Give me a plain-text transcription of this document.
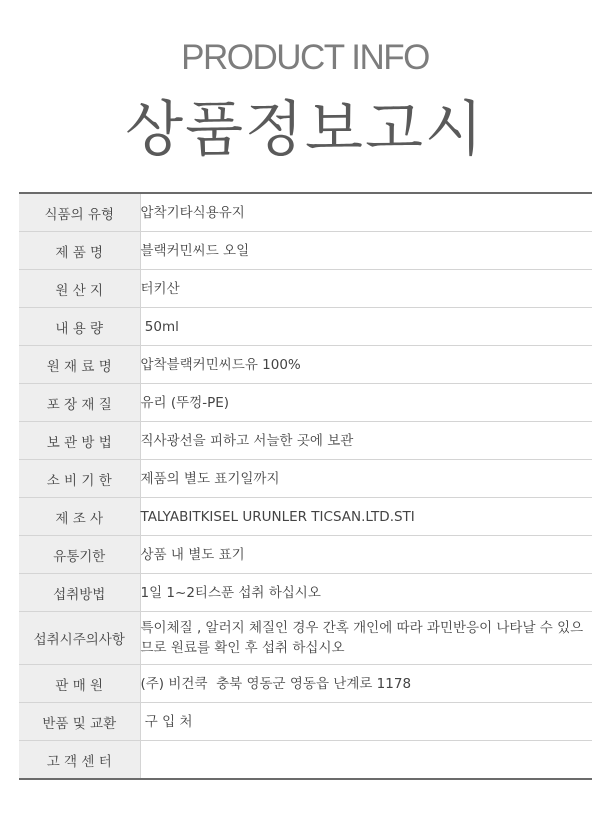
PRODUCT INFO
상품정보고시
식품의 유형	압착기타식용유지
제 품 명	블랙커민씨드 오일
원 산 지	터키산
내 용 량	50ml
원 재 료 명	압착블랙커민씨드유 100%
포 장 재 질	유리 (뚜껑-PE)
보 관 방 법	직사광선을 피하고 서늘한 곳에 보관
소 비 기 한	제품의 별도 표기일까지
제 조 사	TALYABITKISEL URUNLER TICSAN.LTD.STI
유통기한	상품 내 별도 표기
섭취방법	1일 1~2티스푼 섭취 하십시오
섭취시주의사항	특이체질 , 알러지 체질인 경우 간혹 개인에 따라 과민반응이 나타날 수 있으므로 원료를 확인 후 섭취 하십시오
판 매 원	(주) 비건쿡  충북 영동군 영동읍 난계로 1178
반품 및 교환	구 입 처
고 객 센 터	
